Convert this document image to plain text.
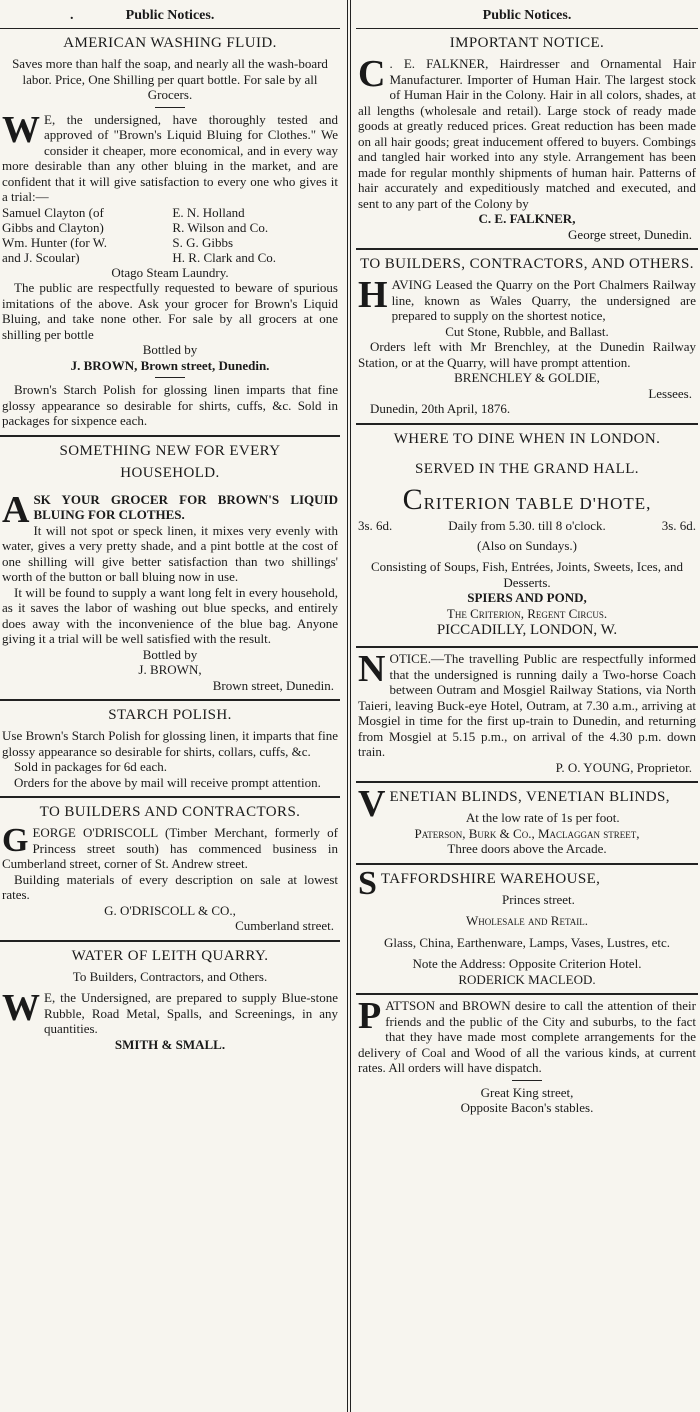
.	Public Notices.
AMERICAN WASHING FLUID.

Saves more than half the soap, and nearly all the wash-board labor. Price, One Shilling per quart bottle. For sale by all Grocers.

W E, the undersigned, have thoroughly tested and approved of "Brown's Liquid Bluing for Clothes." We consider it cheaper, more economical, and in every way more desirable than any other bluing in the market, and are confident that it will give satisfaction to every one who gives it a trial:—

Samuel Clayton (of	E. N. Holland
Gibbs and Clayton)	R. Wilson and Co.
Wm. Hunter (for W.	S. G. Gibbs
and J. Scoular)	H. R. Clark and Co.

Otago Steam Laundry.

The public are respectfully requested to beware of spurious imitations of the above. Ask your grocer for Brown's Liquid Bluing, and take none other. For sale by all grocers at one shilling per bottle

Bottled by

J. BROWN, Brown street, Dunedin.

Brown's Starch Polish for glossing linen imparts that fine glossy appearance so desirable for shirts, cuffs, &c. Sold in packages for sixpence each.

SOMETHING NEW FOR EVERY
HOUSEHOLD.
A SK YOUR GROCER FOR BROWN'S LIQUID BLUING FOR CLOTHES.

It will not spot or speck linen, it mixes very evenly with water, gives a very pretty shade, and a pint bottle at the cost of one shilling will give better satisfaction than two shillings' worth of the button or ball bluing now in use.

It will be found to supply a want long felt in every household, as it saves the labor of washing out blue specks, and entirely does away with the inconvenience of the blue bag. Anyone giving it a trial will be well satisfied with the result.

Bottled by

J. BROWN,

Brown street, Dunedin.

STARCH POLISH.

Use Brown's Starch Polish for glossing linen, it imparts that fine glossy appearance so desirable for shirts, collars, cuffs, &c.

Sold in packages for 6d each.

Orders for the above by mail will receive prompt attention.

TO BUILDERS AND CONTRACTORS.
G EORGE O'DRISCOLL (Timber Merchant, formerly of Princess street south) has commenced business in Cumberland street, corner of St. Andrew street.

Building materials of every description on sale at lowest rates.

G. O'DRISCOLL & CO.,

Cumberland street.

WATER OF LEITH QUARRY.

To Builders, Contractors, and Others.

W E, the Undersigned, are prepared to supply Blue-stone Rubble, Road Metal, Spalls, and Screenings, in any quantities.

SMITH & SMALL.

Public Notices.
IMPORTANT NOTICE.
C . E. FALKNER, Hairdresser and Ornamental Hair Manufacturer. Importer of Human Hair. The largest stock of Human Hair in the Colony. Hair in all colors, shades, at all lengths (wholesale and retail). Large stock of ready made goods at greatly reduced prices. Great reduction has been made on all hair goods; great inducement offered to buyers. Combings and tangled hair worked into any style. Arrangement has been made for regular monthly shipments of human hair. Patterns of hair accurately and expeditiously matched and executed, and sent to any part of the Colony by

C. E. FALKNER,

George street, Dunedin.

TO BUILDERS, CONTRACTORS, AND OTHERS.
H AVING Leased the Quarry on the Port Chalmers Railway line, known as Wales Quarry, the undersigned are prepared to supply on the shortest notice,

Cut Stone, Rubble, and Ballast.

Orders left with Mr Brenchley, at the Dunedin Railway Station, or at the Quarry, will have prompt attention.

BRENCHLEY & GOLDIE,

Lessees.

Dunedin, 20th April, 1876.

WHERE TO DINE WHEN IN LONDON.
SERVED IN THE GRAND HALL.
CRITERION TABLE D'HOTE,
3s. 6d.	Daily from 5.30. till 8 o'clock.	3s. 6d.

(Also on Sundays.)

Consisting of Soups, Fish, Entrées, Joints, Sweets, Ices, and Desserts.

SPIERS AND POND,

The Criterion, Regent Circus.

PICCADILLY, LONDON, W.

N OTICE.—The travelling Public are respectfully informed that the undersigned is running daily a Two-horse Coach between Outram and Mosgiel Railway Stations, via North Taieri, leaving Buck-eye Hotel, Outram, at 7.30 a.m., arriving at Mosgiel in time for the first up-train to Dunedin, and returning from Mosgiel at 5.15 p.m., on arrival of the 4.30 p.m. down train.

P. O. YOUNG, Proprietor.

V ENETIAN BLINDS, VENETIAN BLINDS,

At the low rate of 1s per foot.

Paterson, Burk & Co., Maclaggan street,

Three doors above the Arcade.

S TAFFORDSHIRE WAREHOUSE,

Princes street.

Wholesale and Retail.

Glass, China, Earthenware, Lamps, Vases, Lustres, etc.

Note the Address: Opposite Criterion Hotel.

RODERICK MACLEOD.

P ATTSON and BROWN desire to call the attention of their friends and the public of the City and suburbs, to the fact that they have made most complete arrangements for the delivery of Coal and Wood of all the various kinds, at current rates. All orders will have dispatch.

Great King street,

Opposite Bacon's stables.
